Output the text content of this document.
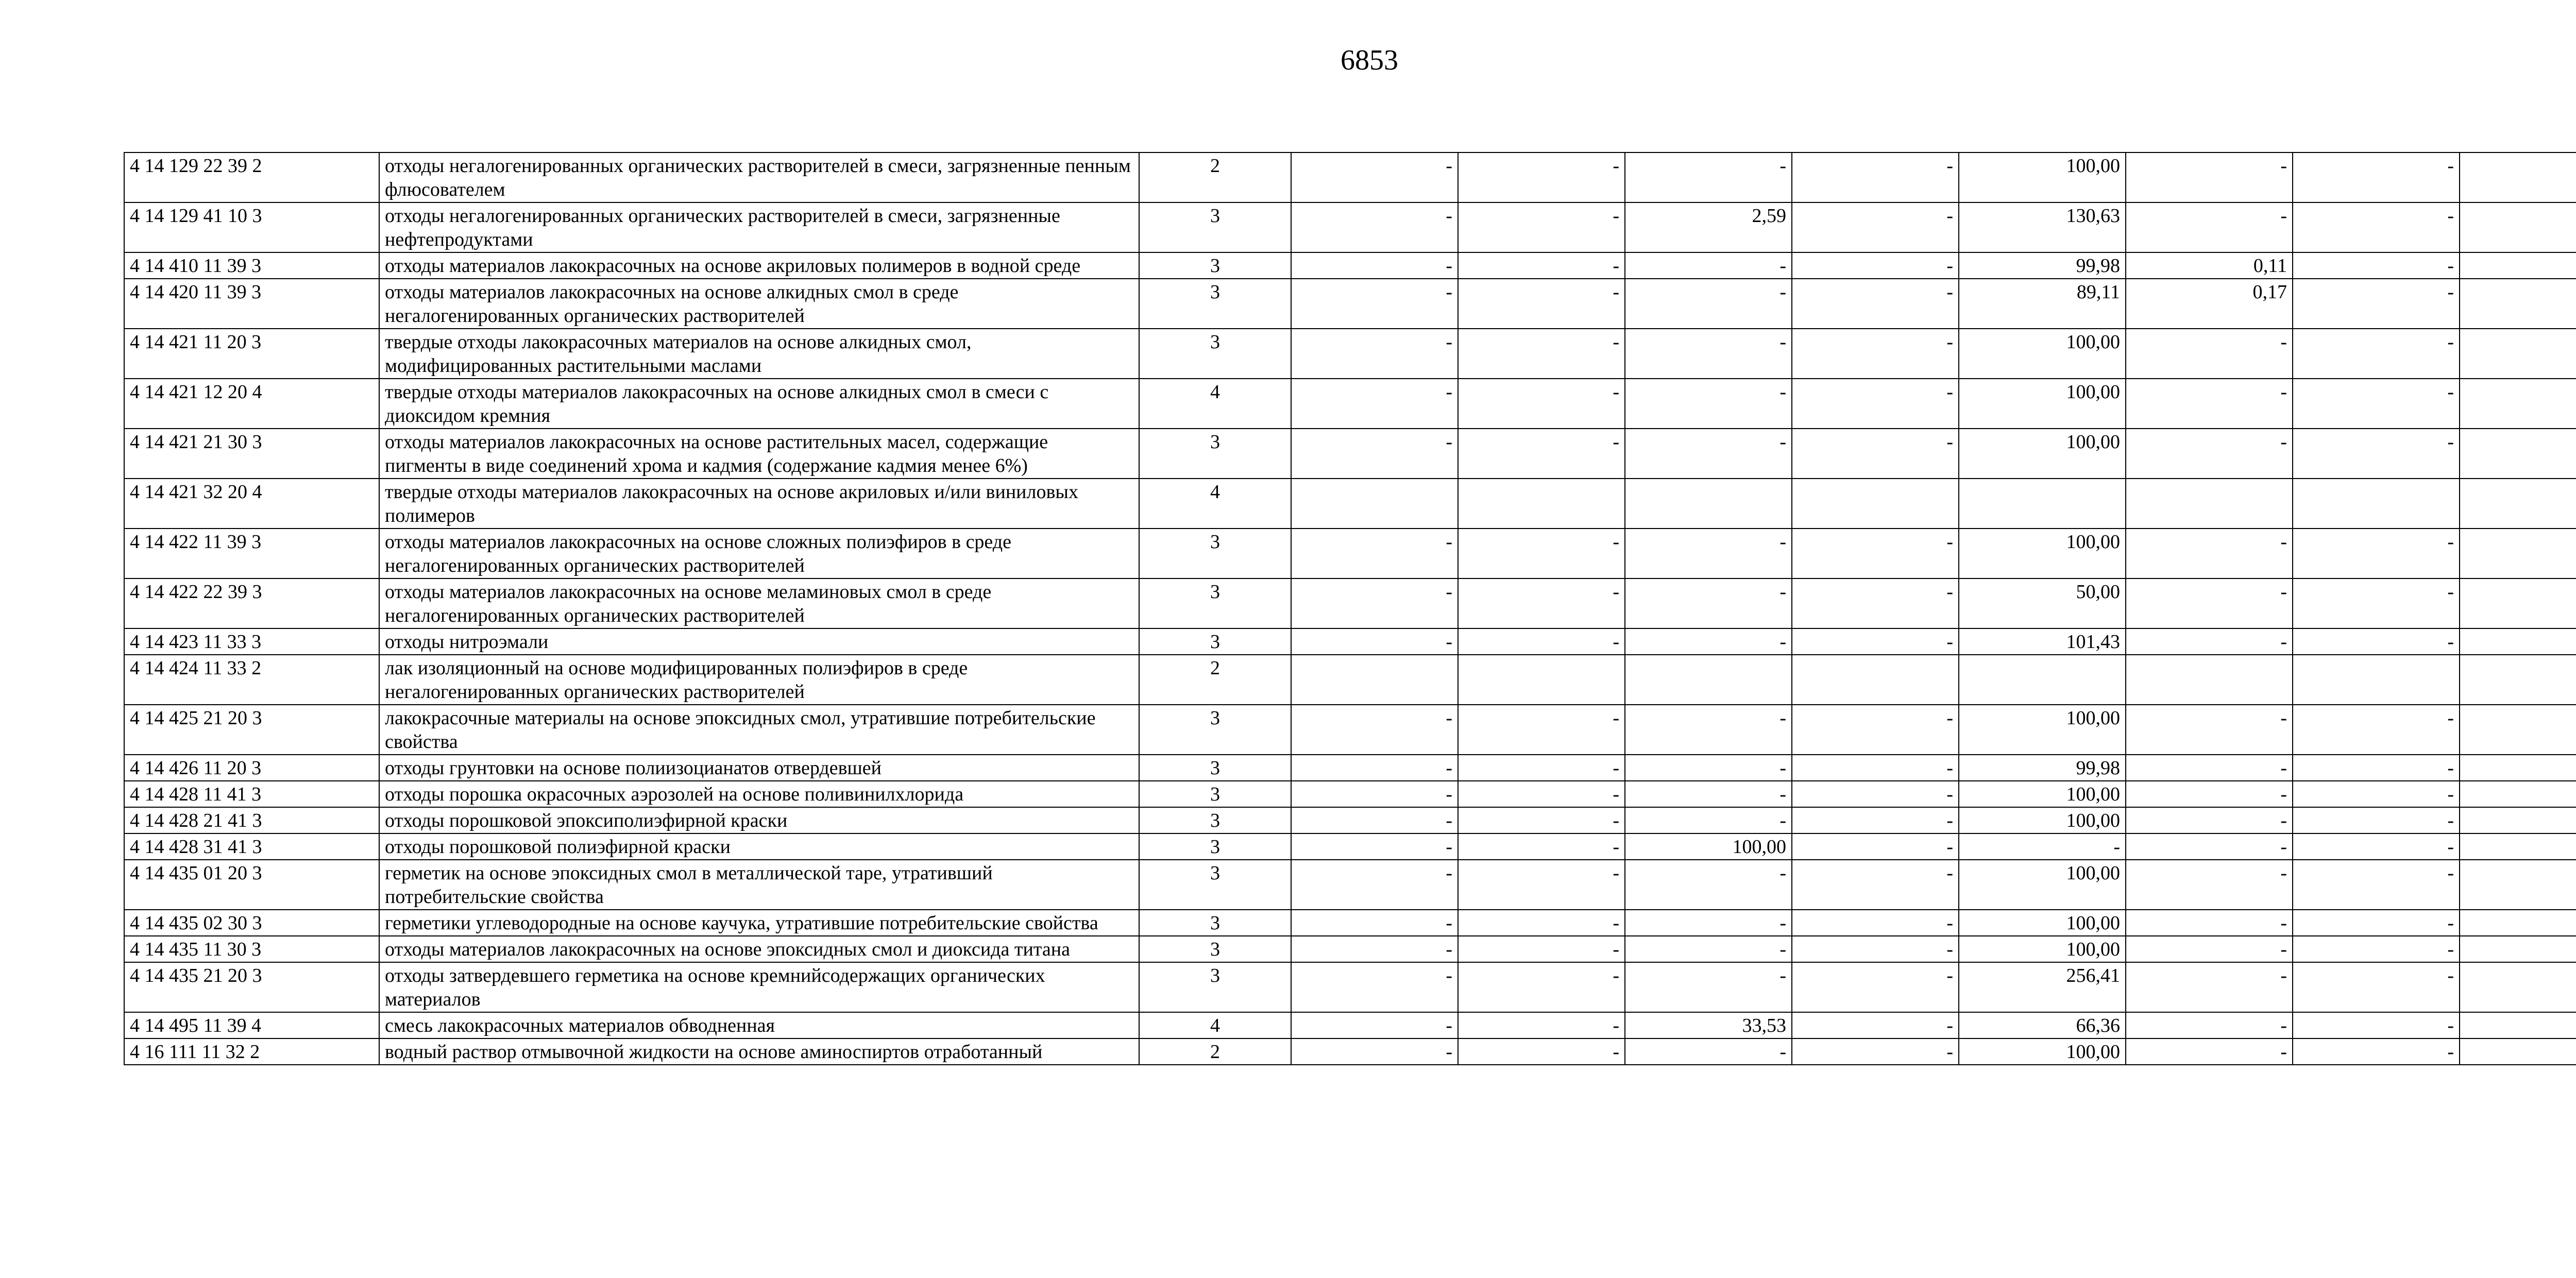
6853
4 14 129 22 39 2	отходы негалогенированных органических растворителей в смеси, загрязненные пенным флюсователем	2	-	-	-	-	100,00	-	-	
4 14 129 41 10 3	отходы негалогенированных органических растворителей в смеси, загрязненные нефтепродуктами	3	-	-	2,59	-	130,63	-	-	
4 14 410 11 39 3	отходы материалов лакокрасочных на основе акриловых полимеров в водной среде	3	-	-	-	-	99,98	0,11	-	
4 14 420 11 39 3	отходы материалов лакокрасочных на основе алкидных смол в среде негалогенированных органических растворителей	3	-	-	-	-	89,11	0,17	-	
4 14 421 11 20 3	твердые отходы лакокрасочных материалов на основе алкидных смол, модифицированных растительными маслами	3	-	-	-	-	100,00	-	-	
4 14 421 12 20 4	твердые отходы материалов лакокрасочных на основе алкидных смол в смеси с диоксидом кремния	4	-	-	-	-	100,00	-	-	
4 14 421 21 30 3	отходы материалов лакокрасочных на основе растительных масел, содержащие пигменты в виде соединений хрома и кадмия (содержание кадмия менее 6%)	3	-	-	-	-	100,00	-	-	
4 14 421 32 20 4	твердые отходы материалов лакокрасочных на основе акриловых и/или виниловых полимеров	4								
4 14 422 11 39 3	отходы материалов лакокрасочных на основе сложных полиэфиров в среде негалогенированных органических растворителей	3	-	-	-	-	100,00	-	-	
4 14 422 22 39 3	отходы материалов лакокрасочных на основе меламиновых смол в среде негалогенированных органических растворителей	3	-	-	-	-	50,00	-	-	
4 14 423 11 33 3	отходы нитроэмали	3	-	-	-	-	101,43	-	-	
4 14 424 11 33 2	лак изоляционный на основе модифицированных полиэфиров в среде негалогенированных органических растворителей	2								
4 14 425 21 20 3	лакокрасочные материалы на основе эпоксидных смол, утратившие потребительские свойства	3	-	-	-	-	100,00	-	-	
4 14 426 11 20 3	отходы грунтовки на основе полиизоцианатов отвердевшей	3	-	-	-	-	99,98	-	-	
4 14 428 11 41 3	отходы порошка окрасочных аэрозолей на основе поливинилхлорида	3	-	-	-	-	100,00	-	-	
4 14 428 21 41 3	отходы порошковой эпоксиполиэфирной краски	3	-	-	-	-	100,00	-	-	
4 14 428 31 41 3	отходы порошковой полиэфирной краски	3	-	-	100,00	-	-	-	-	
4 14 435 01 20 3	герметик на основе эпоксидных смол в металлической таре, утративший потребительские свойства	3	-	-	-	-	100,00	-	-	
4 14 435 02 30 3	герметики углеводородные на основе каучука, утратившие потребительские свойства	3	-	-	-	-	100,00	-	-	
4 14 435 11 30 3	отходы материалов лакокрасочных на основе эпоксидных смол и диоксида титана	3	-	-	-	-	100,00	-	-	
4 14 435 21 20 3	отходы затвердевшего герметика на основе кремнийсодержащих органических материалов	3	-	-	-	-	256,41	-	-	
4 14 495 11 39 4	смесь лакокрасочных материалов обводненная	4	-	-	33,53	-	66,36	-	-	
4 16 111 11 32 2	водный раствор отмывочной жидкости на основе аминоспиртов отработанный	2	-	-	-	-	100,00	-	-	
